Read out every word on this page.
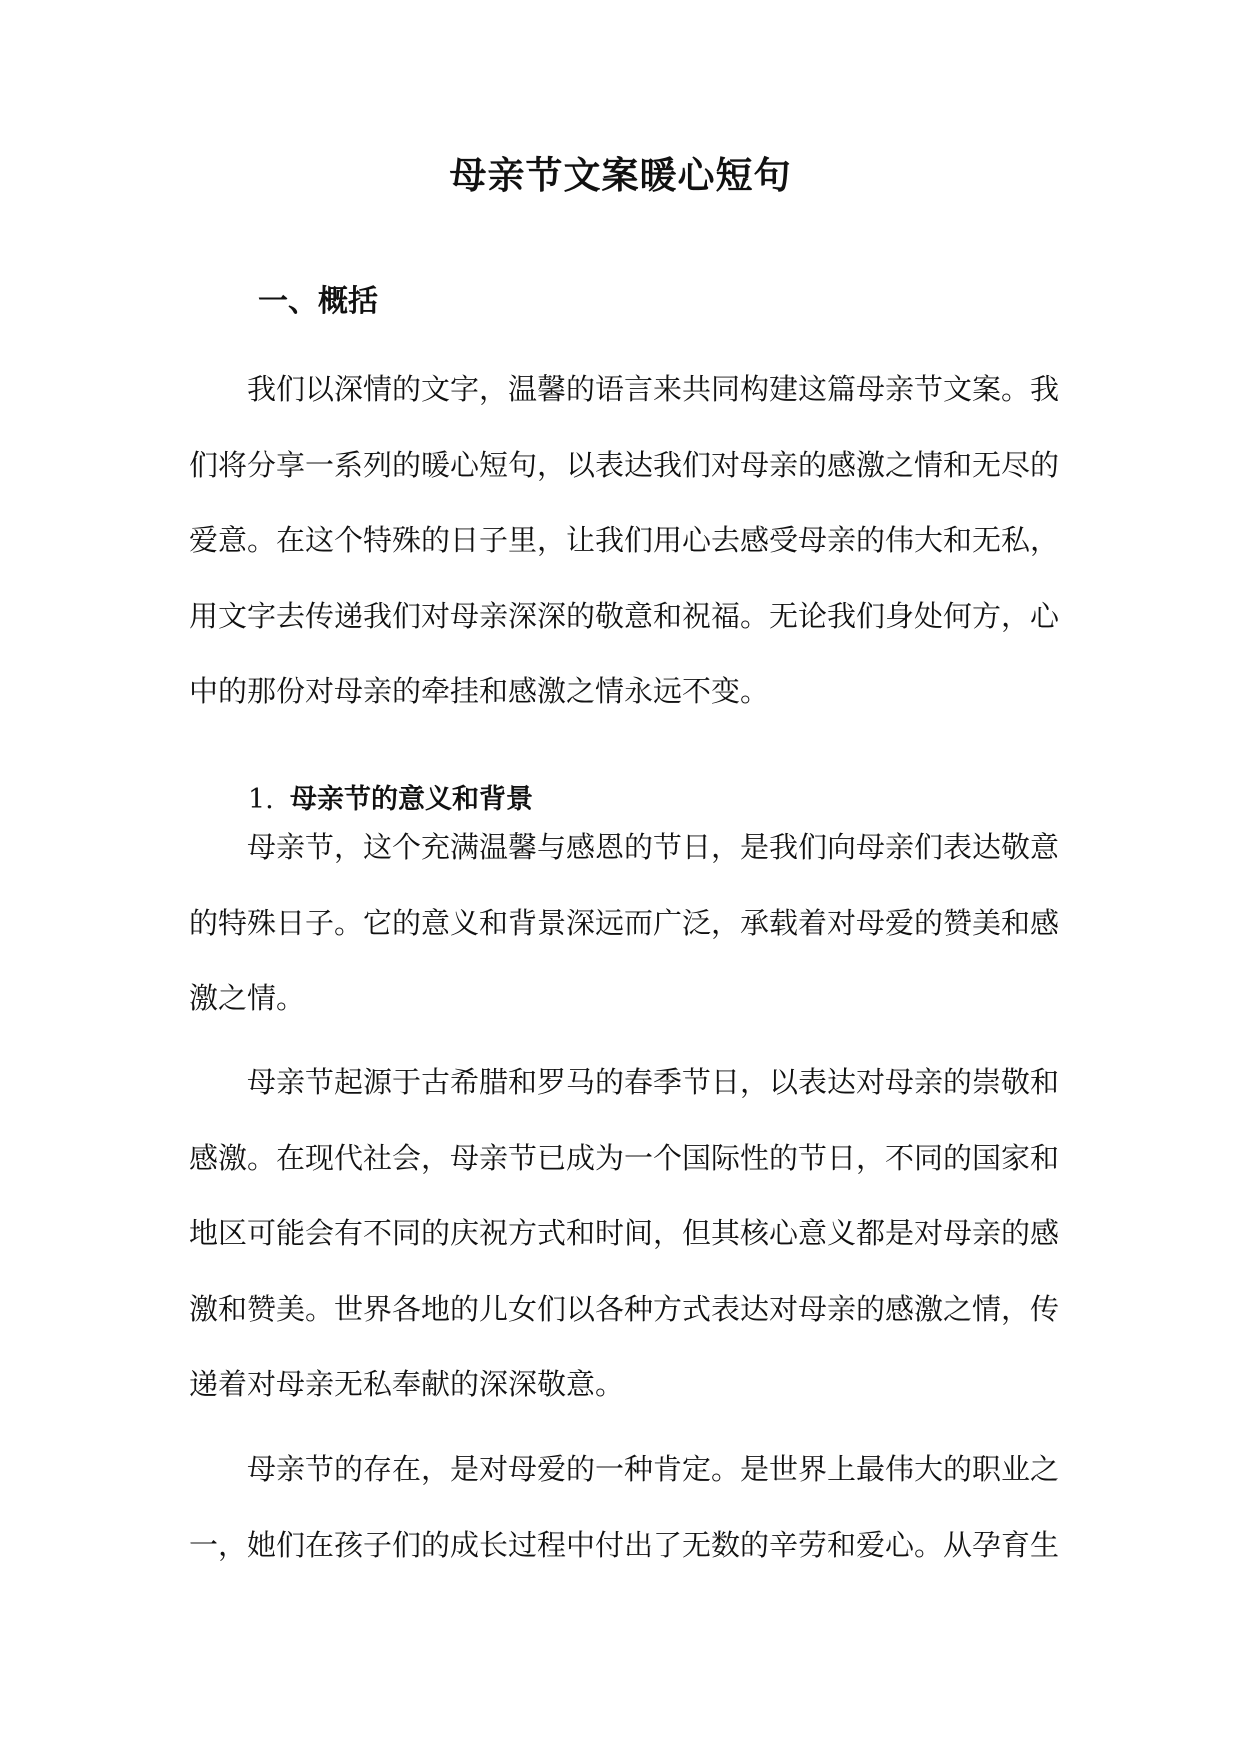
母亲节文案暖心短句
一、概括

我们以深情的文字，温馨的语言来共同构建这篇母亲节文案。我们将分享一系列的暖心短句，以表达我们对母亲的感激之情和无尽的爱意。在这个特殊的日子里，让我们用心去感受母亲的伟大和无私，用文字去传递我们对母亲深深的敬意和祝福。无论我们身处何方，心中的那份对母亲的牵挂和感激之情永远不变。

1. 母亲节的意义和背景

母亲节，这个充满温馨与感恩的节日，是我们向母亲们表达敬意的特殊日子。它的意义和背景深远而广泛，承载着对母爱的赞美和感激之情。

母亲节起源于古希腊和罗马的春季节日，以表达对母亲的崇敬和感激。在现代社会，母亲节已成为一个国际性的节日，不同的国家和地区可能会有不同的庆祝方式和时间，但其核心意义都是对母亲的感激和赞美。世界各地的儿女们以各种方式表达对母亲的感激之情，传递着对母亲无私奉献的深深敬意。

母亲节的存在，是对母爱的一种肯定。是世界上最伟大的职业之一，她们在孩子们的成长过程中付出了无数的辛劳和爱心。从孕育生
